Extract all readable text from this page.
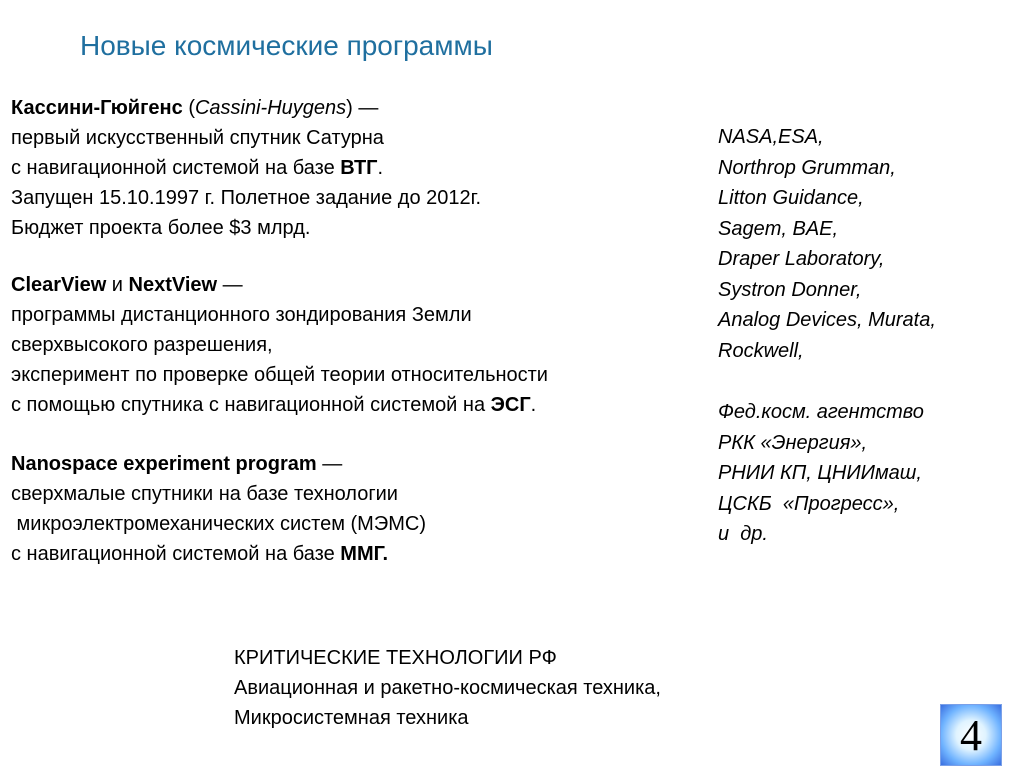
Новые космические программы
Кассини-Гюйгенс (Cassini-Huygens) —
первый искусственный спутник Сатурна
с навигационной системой на базе ВТГ.
Запущен 15.10.1997 г. Полетное задание до 2012г.
Бюджет проекта более $3 млрд.
ClearView и NextView —
программы дистанционного зондирования Земли
сверхвысокого разрешения,
эксперимент по проверке общей теории относительности
с помощью спутника с навигационной системой на ЭСГ.
Nanospace experiment program —
сверхмалые спутники на базе технологии
микроэлектромеханических систем (МЭМС)
с навигационной системой на базе ММГ.
NASA,ESA,
Northrop Grumman,
Litton Guidance,
Sagem, BAE,
Draper Laboratory,
Systron Donner,
Analog Devices, Murata,
Rockwell,
Фед.косм. агентство
РКК «Энергия»,
РНИИ КП, ЦНИИмаш,
ЦСКБ  «Прогресс»,
и  др.
КРИТИЧЕСКИЕ ТЕХНОЛОГИИ РФ
Авиационная и ракетно-космическая техника,
Микросистемная техника	4
